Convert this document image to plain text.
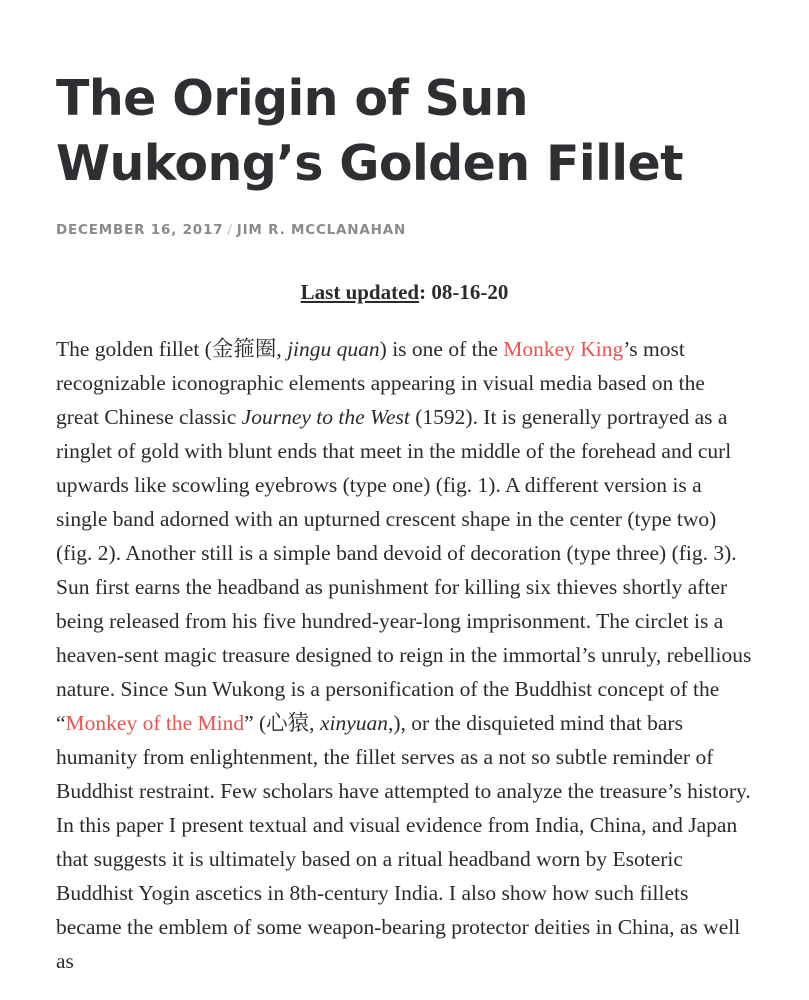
The Origin of Sun Wukong’s Golden Fillet
DECEMBER 16, 2017 / JIM R. MCCLANAHAN
Last updated: 08-16-20

The golden fillet (金箍圈, jingu quan) is one of the Monkey King’s most recognizable iconographic elements appearing in visual media based on the great Chinese classic Journey to the West (1592). It is generally portrayed as a ringlet of gold with blunt ends that meet in the middle of the forehead and curl upwards like scowling eyebrows (type one) (fig. 1). A different version is a single band adorned with an upturned crescent shape in the center (type two) (fig. 2). Another still is a simple band devoid of decoration (type three) (fig. 3). Sun first earns the headband as punishment for killing six thieves shortly after being released from his five hundred-year-long imprisonment. The circlet is a heaven-sent magic treasure designed to reign in the immortal’s unruly, rebellious nature. Since Sun Wukong is a personification of the Buddhist concept of the “Monkey of the Mind” (心猿, xinyuan,), or the disquieted mind that bars humanity from enlightenment, the fillet serves as a not so subtle reminder of Buddhist restraint. Few scholars have attempted to analyze the treasure’s history. In this paper I present textual and visual evidence from India, China, and Japan that suggests it is ultimately based on a ritual headband worn by Esoteric Buddhist Yogin ascetics in 8th-century India. I also show how such fillets became the emblem of some weapon-bearing protector deities in China, as well as
